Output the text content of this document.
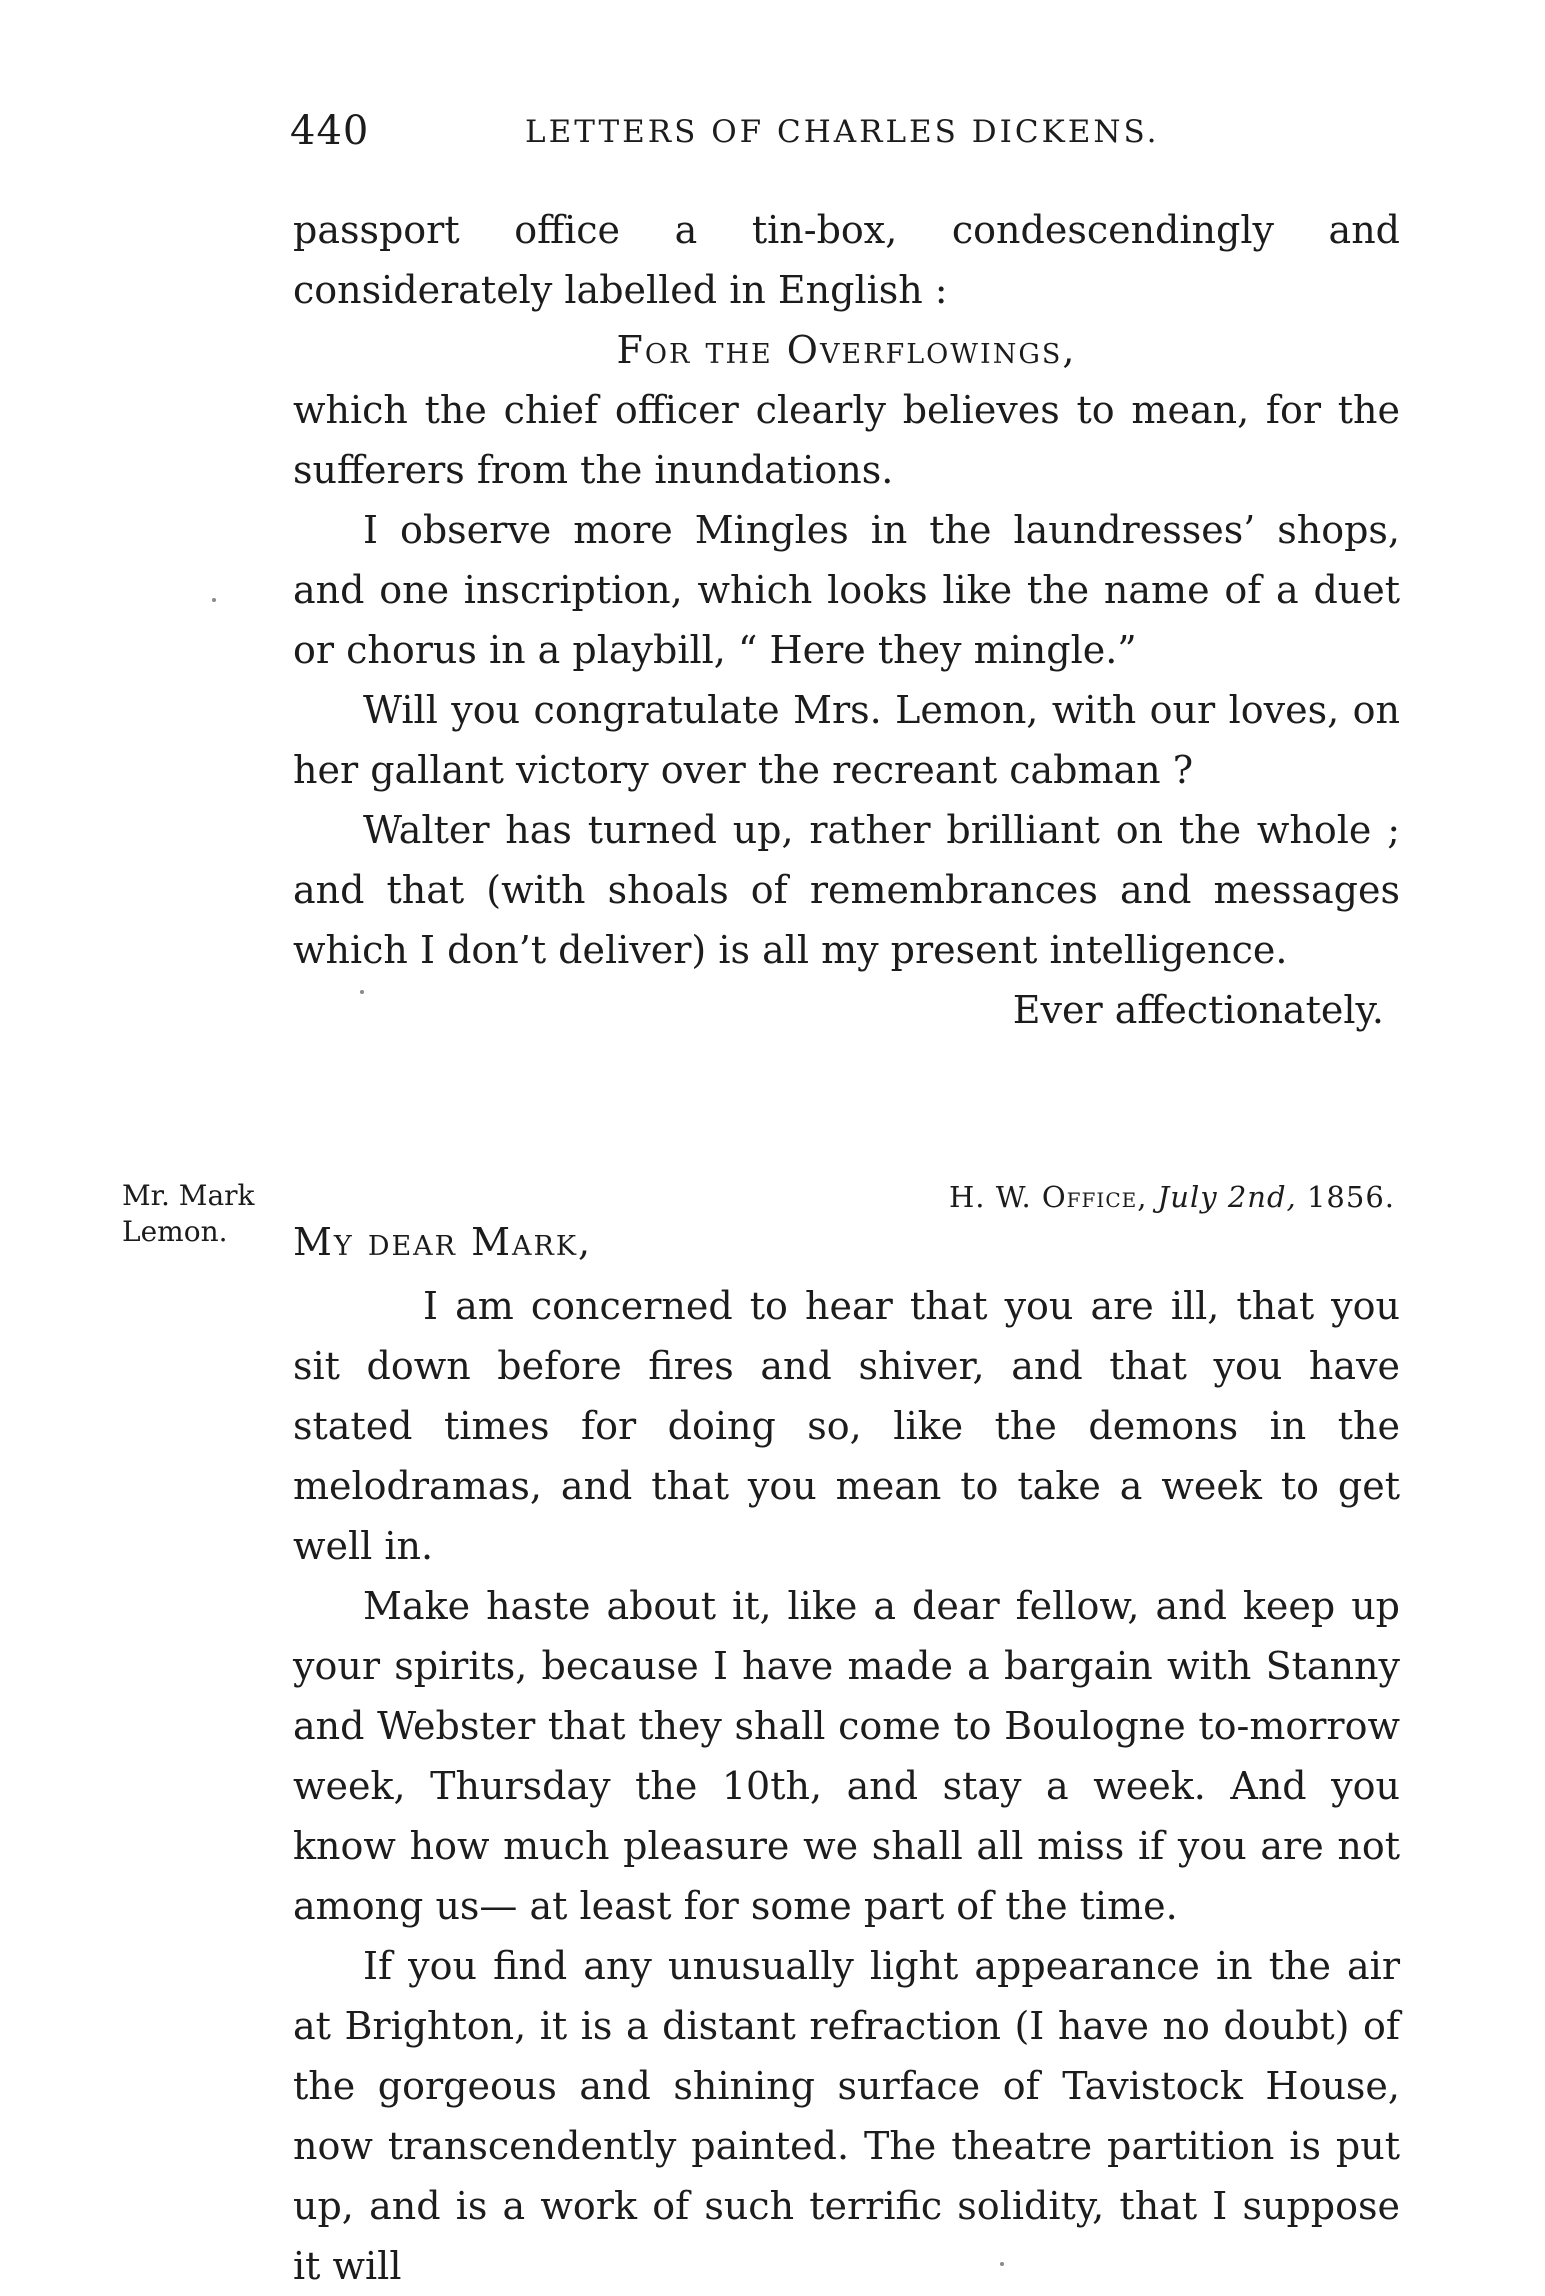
440	LETTERS OF CHARLES DICKENS.

passport office a tin-box, condescendingly and considerately labelled in English :

For the Overflowings,

which the chief officer clearly believes to mean, for the sufferers from the inundations.

I observe more Mingles in the laundresses’ shops, and one inscription, which looks like the name of a duet or chorus in a playbill, “ Here they mingle.”

Will you congratulate Mrs. Lemon, with our loves, on her gallant victory over the recreant cabman ?

Walter has turned up, rather brilliant on the whole ; and that (with shoals of remembrances and messages which I don’t deliver) is all my present intelligence.

Ever affectionately.

Mr. Mark
Lemon.
H. W. Office, July 2nd, 1856.
My dear Mark,

I am concerned to hear that you are ill, that you sit down before fires and shiver, and that you have stated times for doing so, like the demons in the melodramas, and that you mean to take a week to get well in.

Make haste about it, like a dear fellow, and keep up your spirits, because I have made a bargain with Stanny and Webster that they shall come to Boulogne to-morrow week, Thursday the 10th, and stay a week. And you know how much pleasure we shall all miss if you are not among us— at least for some part of the time.

If you find any unusually light appearance in the air at Brighton, it is a distant refraction (I have no doubt) of the gorgeous and shining surface of Tavistock House, now transcendently painted. The theatre partition is put up, and is a work of such terrific solidity, that I suppose it will
